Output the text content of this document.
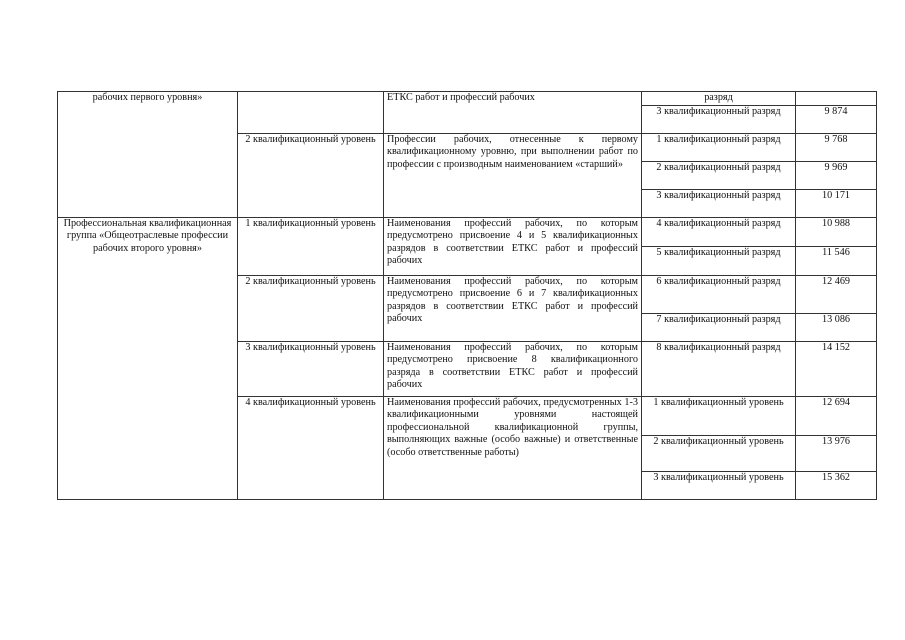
рабочих первого уровня»		ЕТКС работ и профессий рабочих	разряд	
			3 квалификационный разряд	9 874
	2 квалификационный уровень	Профессии рабочих, отнесенные к первому квалификационному уровню, при выполнении работ по профессии с производным наименованием «старший»	1 квалификационный разряд	9 768
			2 квалификационный разряд	9 969
			3 квалификационный разряд	10 171
Профессиональная квалификационная группа «Общеотраслевые профессии рабочих второго уровня»	1 квалификационный уровень	Наименования профессий рабочих, по которым предусмотрено присвоение 4 и 5 квалификационных разрядов в соответствии ЕТКС работ и профессий рабочих	4 квалификационный разряд	10 988
			5 квалификационный разряд	11 546
	2 квалификационный уровень	Наименования профессий рабочих, по которым предусмотрено присвоение 6 и 7 квалификационных разрядов в соответствии ЕТКС работ и профессий рабочих	6 квалификационный разряд	12 469
			7 квалификационный разряд	13 086
	3 квалификационный уровень	Наименования профессий рабочих, по которым предусмотрено присвоение 8 квалификационного разряда в соответствии ЕТКС работ и профессий рабочих	8 квалификационный разряд	14 152
	4 квалификационный уровень	Наименования профессий рабочих, предусмотренных 1-3 квалификационными уровнями настоящей профессиональной квалификационной группы, выполняющих важные (особо важные) и ответственные (особо ответственные работы)	1 квалификационный уровень	12 694
			2 квалификационный уровень	13 976
			3 квалификационный уровень	15 362
